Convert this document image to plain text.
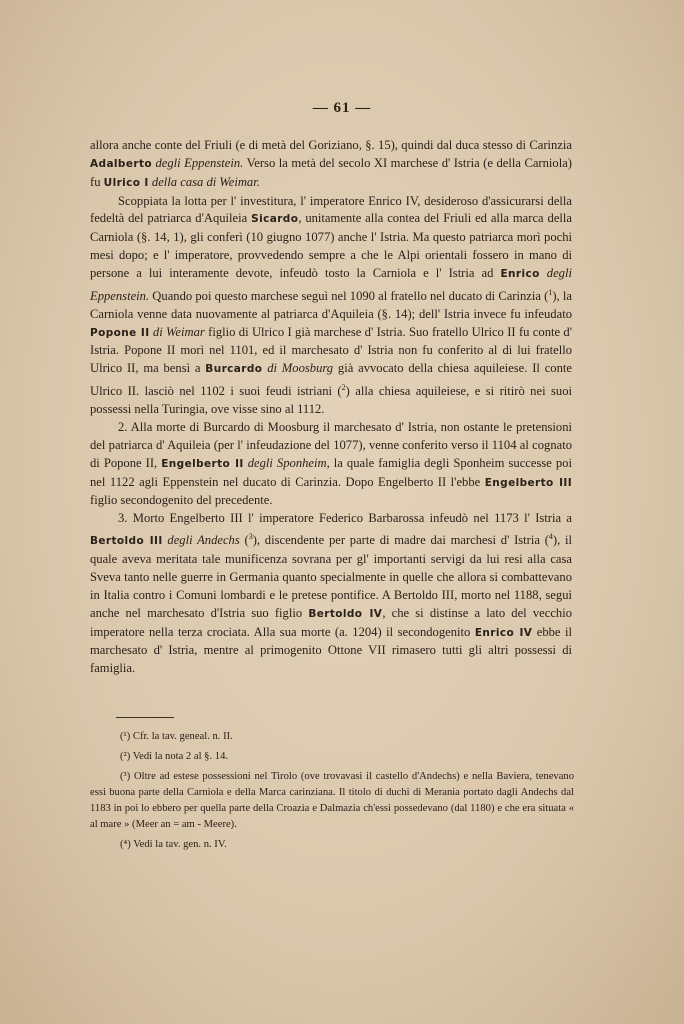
— 61 —

allora anche conte del Friuli (e di metà del Goriziano, §. 15), quindi dal duca stesso di Carinzia Adalberto degli Eppenstein. Verso la metà del secolo XI marchese d' Istria (e della Carniola) fu Ulrico I della casa di Weimar.

Scoppiata la lotta per l' investitura, l' imperatore Enrico IV, desideroso d'assicurarsi della fedeltà del patriarca d'Aquileia Sicardo, unitamente alla contea del Friuli ed alla marca della Carniola (§. 14, 1), gli conferì (10 giugno 1077) anche l' Istria. Ma questo patriarca morì pochi mesi dopo; e l' imperatore, provvedendo sempre a che le Alpi orientali fossero in mano di persone a lui interamente devote, infeudò tosto la Carniola e l' Istria ad Enrico degli Eppenstein. Quando poi questo marchese seguì nel 1090 al fratello nel ducato di Carinzia ($^1$), la Carniola venne data nuovamente al patriarca d'Aquileia (§. 14); dell' Istria invece fu infeudato Popone II di Weimar figlio di Ulrico I già marchese d' Istria. Suo fratello Ulrico II fu conte d' Istria. Popone II morì nel 1101, ed il marchesato d' Istria non fu conferito al di lui fratello Ulrico II, ma bensì a Burcardo di Moosburg già avvocato della chiesa aquileiese. Il conte Ulrico II. lasciò nel 1102 i suoi feudi istriani ($^2$) alla chiesa aquileiese, e si ritirò nei suoi possessi nella Turingia, ove visse sino al 1112.

2. Alla morte di Burcardo di Moosburg il marchesato d' Istria, non ostante le pretensioni del patriarca d' Aquileia (per l' infeudazione del 1077), venne conferito verso il 1104 al cognato di Popone II, Engelberto II degli Sponheim, la quale famiglia degli Sponheim successe poi nel 1122 agli Eppenstein nel ducato di Carinzia. Dopo Engelberto II l'ebbe Engelberto III figlio secondogenito del precedente.

3. Morto Engelberto III l' imperatore Federico Barbarossa infeudò nel 1173 l' Istria a Bertoldo III degli Andechs ($^3$), discendente per parte di madre dai marchesi d' Istria ($^4$), il quale aveva meritata tale munificenza sovrana per gl' importanti servigi da lui resi alla casa Sveva tanto nelle guerre in Germania quanto specialmente in quelle che allora si combattevano in Italia contro i Comuni lombardi e le pretese pontifice. A Bertoldo III, morto nel 1188, seguì anche nel marchesato d'Istria suo figlio Bertoldo IV, che si distinse a lato del vecchio imperatore nella terza crociata. Alla sua morte (a. 1204) il secondogenito Enrico IV ebbe il marchesato d' Istria, mentre al primogenito Ottone VII rimasero tutti gli altri possessi di famiglia.

(¹) Cfr. la tav. geneal. n. II.

(²) Vedi la nota 2 al §. 14.

(³) Oltre ad estese possessioni nel Tirolo (ove trovavasi il castello d'Andechs) e nella Baviera, tenevano essi buona parte della Carniola e della Marca carinziana. Il titolo di duchi di Merania portato dagli Andechs dal 1183 in poi lo ebbero per quella parte della Croazia e Dalmazia ch'essi possedevano (dal 1180) e che era situata « al mare » (Meer an = am - Meere).

(⁴) Vedi la tav. gen. n. IV.
